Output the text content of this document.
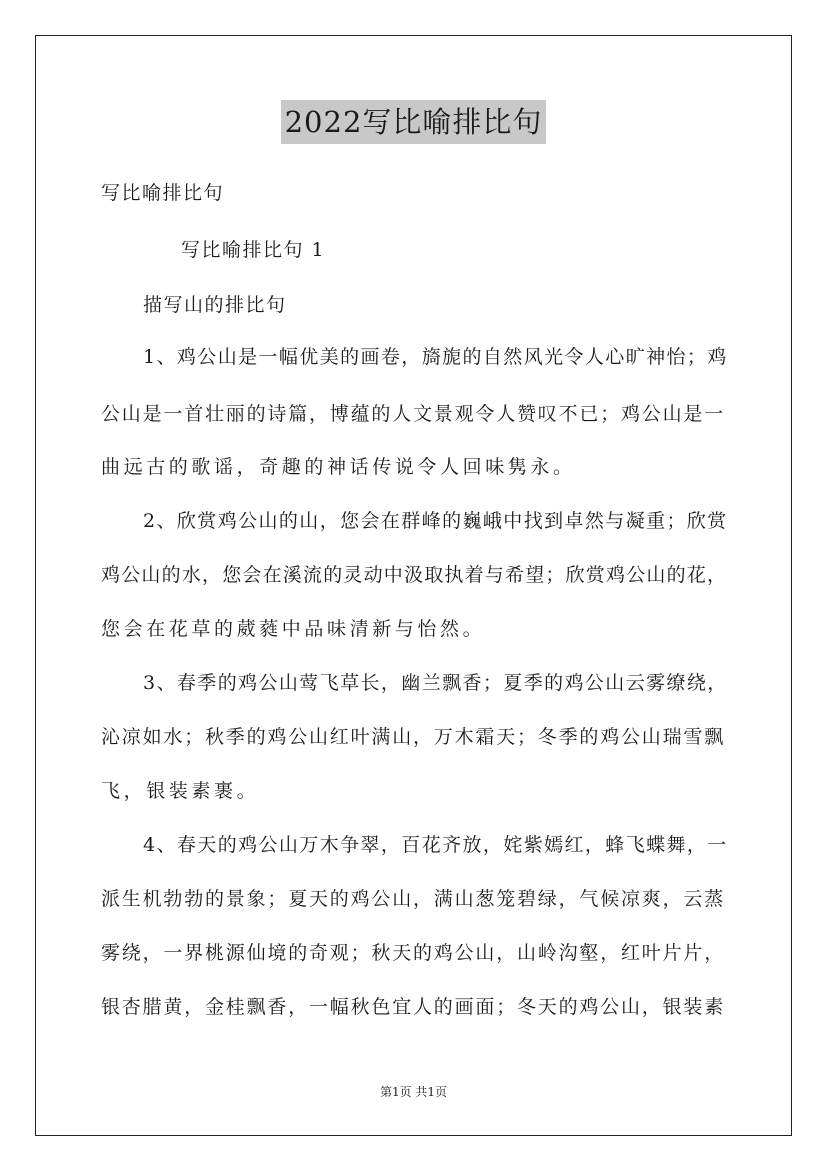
2022写比喻排比句
写比喻排比句
写比喻排比句 1
描写山的排比句
1、鸡公山是一幅优美的画卷，旖旎的自然风光令人心旷神怡；鸡
公山是一首壮丽的诗篇，博蕴的人文景观令人赞叹不已；鸡公山是一
曲远古的歌谣，奇趣的神话传说令人回味隽永。
2、欣赏鸡公山的山，您会在群峰的巍峨中找到卓然与凝重；欣赏
鸡公山的水，您会在溪流的灵动中汲取执着与希望；欣赏鸡公山的花，
您会在花草的葳蕤中品味清新与怡然。
3、春季的鸡公山莺飞草长，幽兰飘香；夏季的鸡公山云雾缭绕，
沁凉如水；秋季的鸡公山红叶满山，万木霜天；冬季的鸡公山瑞雪飘
飞，银装素裹。
4、春天的鸡公山万木争翠，百花齐放，姹紫嫣红，蜂飞蝶舞，一
派生机勃勃的景象；夏天的鸡公山，满山葱笼碧绿，气候凉爽，云蒸
雾绕，一界桃源仙境的奇观；秋天的鸡公山，山岭沟壑，红叶片片，
银杏腊黄，金桂飘香，一幅秋色宜人的画面；冬天的鸡公山，银装素
第1页 共1页
